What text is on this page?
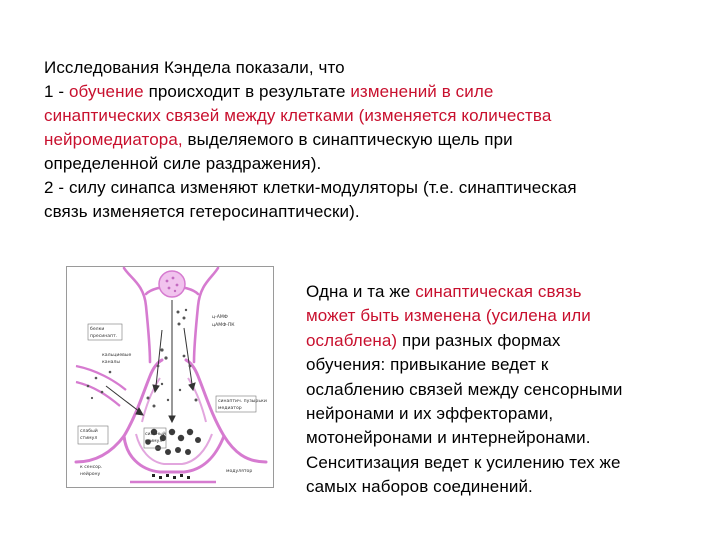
Исследования Кэндела показали, что
1 - обучение происходит в результате изменений в силе
синаптических связей между клетками (изменяется количества
нейромедиатора, выделяемого в синаптическую щель при
определенной силе раздражения).
2 - силу синапса изменяют клетки-модуляторы (т.е. синаптическая
связь изменяется гетеросинаптически).
ц-АМФ
цАМФ-ПК
белки
пресинапт.
кальциевые
каналы
слабый
стимул
сильный
стимул
синаптич. пузырьки
медиатор
к сенсор.
нейрону
модулятор
Одна и та же синаптическая связь
может быть изменена (усилена или
ослаблена) при разных формах
обучения: привыкание ведет к
ослаблению связей между сенсорными
нейронами и их эффекторами,
мотонейронами и интернейронами.
Сенситизация ведет к усилению тех же
самых наборов соединений.
